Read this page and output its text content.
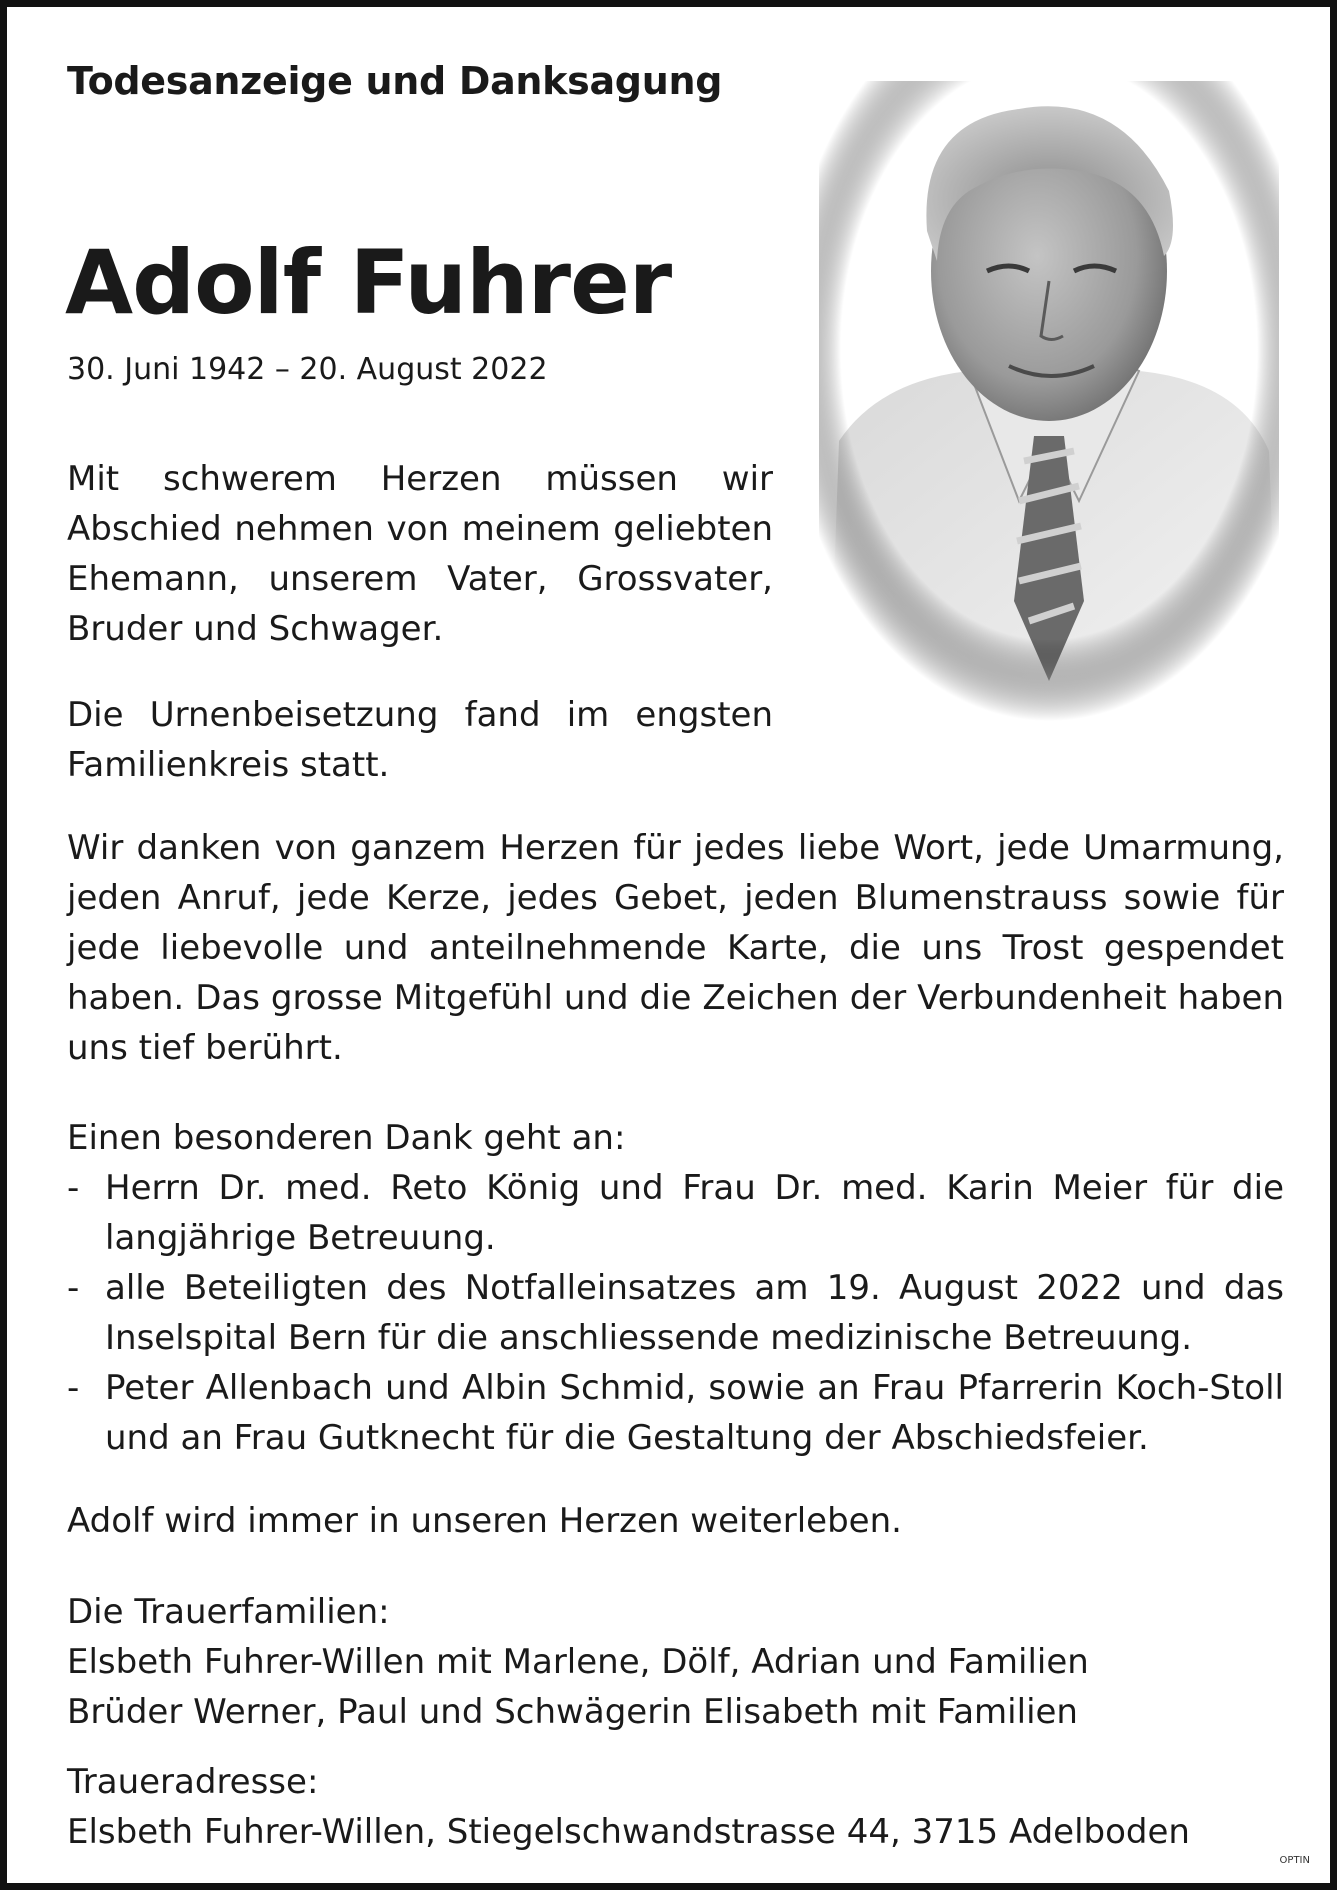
Todesanzeige und Danksagung
Adolf Fuhrer
30. Juni 1942 – 20. August 2022
Mit schwerem Herzen müssen wir Abschied nehmen von meinem geliebten Ehemann, unserem Vater, Grossvater, Bruder und Schwager.
Die Urnenbeisetzung fand im engsten Familienkreis statt.
Wir danken von ganzem Herzen für jedes liebe Wort, jede Umarmung, jeden Anruf, jede Kerze, jedes Gebet, jeden Blumenstrauss sowie für jede liebevolle und anteilnehmende Karte, die uns Trost gespendet haben. Das grosse Mitgefühl und die Zeichen der Verbundenheit haben uns tief berührt.
Einen besonderen Dank geht an:
- Herrn Dr. med. Reto König und Frau Dr. med. Karin Meier für die langjährige Betreuung.
- alle Beteiligten des Notfalleinsatzes am 19. August 2022 und das Inselspital Bern für die anschliessende medizinische Betreuung.
- Peter Allenbach und Albin Schmid, sowie an Frau Pfarrerin Koch-Stoll und an Frau Gutknecht für die Gestaltung der Abschiedsfeier.
Adolf wird immer in unseren Herzen weiterleben.
Die Trauerfamilien:
Elsbeth Fuhrer-Willen mit Marlene, Dölf, Adrian und Familien
Brüder Werner, Paul und Schwägerin Elisabeth mit Familien
Traueradresse:
Elsbeth Fuhrer-Willen, Stiegelschwandstrasse 44, 3715 Adelboden
OPTIN
